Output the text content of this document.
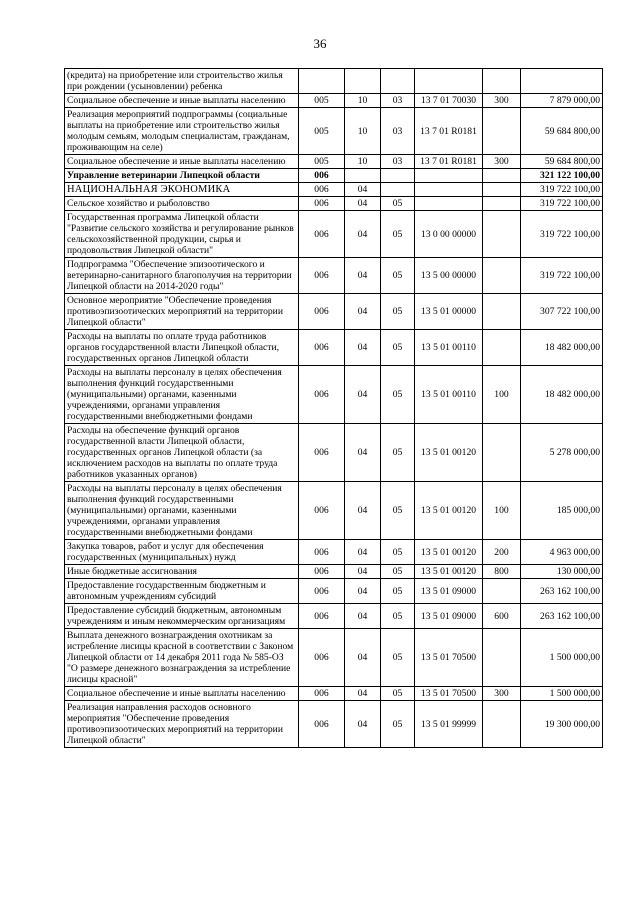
36
(кредита) на приобретение или строительство жилья при рождении (усыновлении) ребенка						
Социальное обеспечение и иные выплаты населению	005	10	03	13 7 01 70030	300	7 879 000,00
Реализация мероприятий подпрограммы (социальные выплаты на приобретение или строительство жилья молодым семьям, молодым специалистам, гражданам, проживающим на селе)	005	10	03	13 7 01 R0181		59 684 800,00
Социальное обеспечение и иные выплаты населению	005	10	03	13 7 01 R0181	300	59 684 800,00
Управление ветеринарии Липецкой области	006					321 122 100,00
НАЦИОНАЛЬНАЯ ЭКОНОМИКА	006	04				319 722 100,00
Сельское хозяйство и рыболовство	006	04	05			319 722 100,00
Государственная программа Липецкой области "Развитие сельского хозяйства и регулирование рынков сельскохозяйственной продукции, сырья и продовольствия Липецкой области"	006	04	05	13 0 00 00000		319 722 100,00
Подпрограмма "Обеспечение эпизоотического и ветеринарно-санитарного благополучия на территории Липецкой области на 2014-2020 годы"	006	04	05	13 5 00 00000		319 722 100,00
Основное мероприятие "Обеспечение проведения противоэпизоотических мероприятий на территории Липецкой области"	006	04	05	13 5 01 00000		307 722 100,00
Расходы на выплаты по оплате труда работников органов государственной власти Липецкой области, государственных органов Липецкой области	006	04	05	13 5 01 00110		18 482 000,00
Расходы на выплаты персоналу в целях обеспечения выполнения функций государственными (муниципальными) органами, казенными учреждениями, органами управления государственными внебюджетными фондами	006	04	05	13 5 01 00110	100	18 482 000,00
Расходы на обеспечение функций органов государственной власти Липецкой области, государственных органов Липецкой области (за исключением расходов на выплаты по оплате труда работников указанных органов)	006	04	05	13 5 01 00120		5 278 000,00
Расходы на выплаты персоналу в целях обеспечения выполнения функций государственными (муниципальными) органами, казенными учреждениями, органами управления государственными внебюджетными фондами	006	04	05	13 5 01 00120	100	185 000,00
Закупка товаров, работ и услуг для обеспечения государственных (муниципальных) нужд	006	04	05	13 5 01 00120	200	4 963 000,00
Иные бюджетные ассигнования	006	04	05	13 5 01 00120	800	130 000,00
Предоставление государственным бюджетным и автономным учреждениям субсидий	006	04	05	13 5 01 09000		263 162 100,00
Предоставление субсидий бюджетным, автономным учреждениям и иным некоммерческим организациям	006	04	05	13 5 01 09000	600	263 162 100,00
Выплата денежного вознаграждения охотникам за истребление лисицы красной в соответствии с Законом Липецкой области от 14 декабря 2011 года № 585-ОЗ "О размере денежного вознаграждения за истребление лисицы красной"	006	04	05	13 5 01 70500		1 500 000,00
Социальное обеспечение и иные выплаты населению	006	04	05	13 5 01 70500	300	1 500 000,00
Реализация направления расходов основного мероприятия "Обеспечение проведения противоэпизоотических мероприятий на территории Липецкой области"	006	04	05	13 5 01 99999		19 300 000,00
